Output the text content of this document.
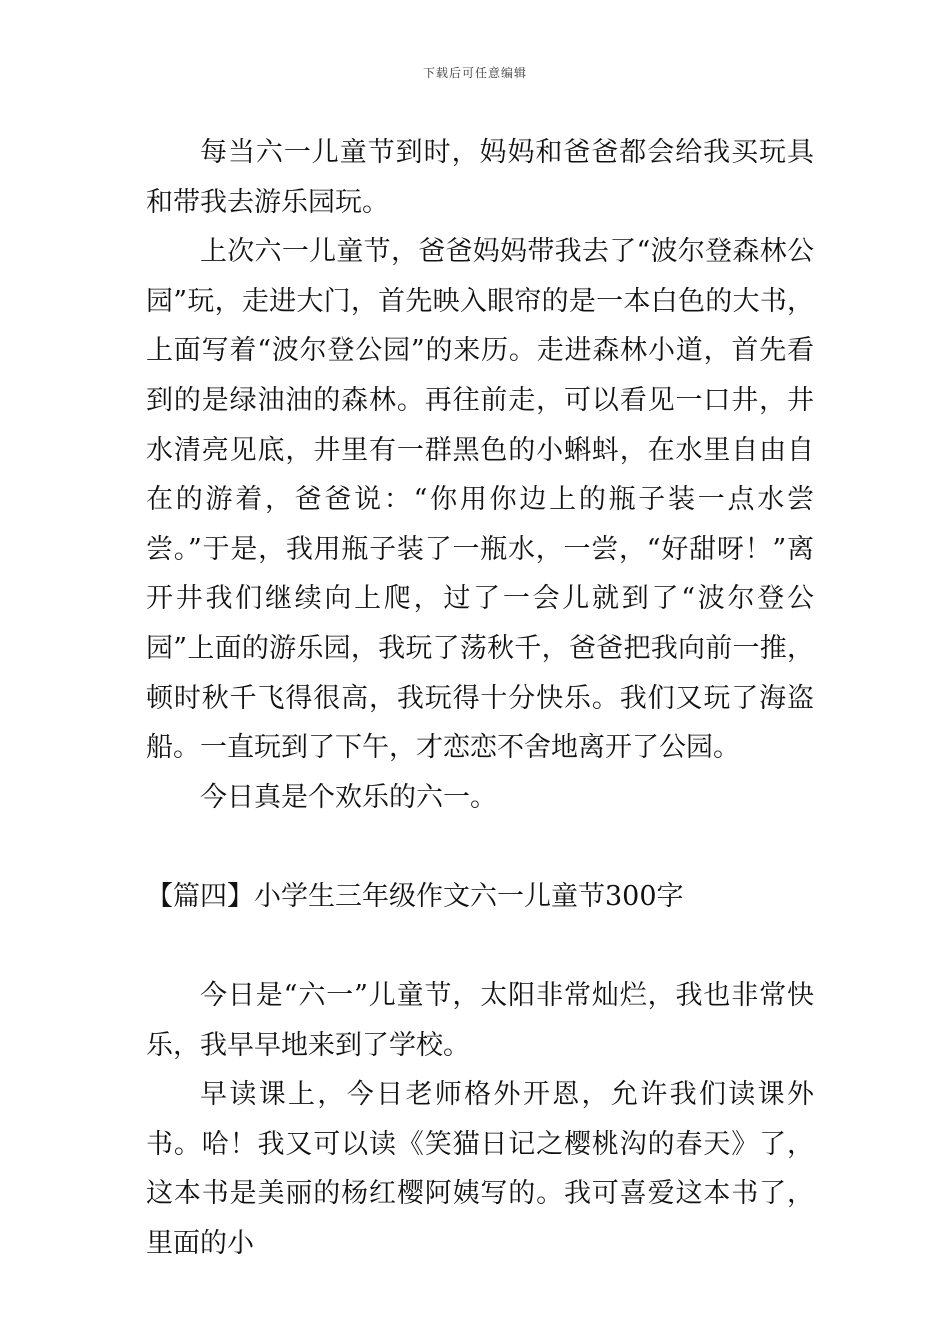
下载后可任意编辑

每当六一儿童节到时，妈妈和爸爸都会给我买玩具和带我去游乐园玩。

上次六一儿童节，爸爸妈妈带我去了“波尔登森林公园”玩，走进大门，首先映入眼帘的是一本白色的大书，上面写着“波尔登公园”的来历。走进森林小道，首先看到的是绿油油的森林。再往前走，可以看见一口井，井水清亮见底，井里有一群黑色的小蝌蚪，在水里自由自在的游着，爸爸说：“你用你边上的瓶子装一点水尝尝。”于是，我用瓶子装了一瓶水，一尝，“好甜呀！”离开井我们继续向上爬，过了一会儿就到了“波尔登公园”上面的游乐园，我玩了荡秋千，爸爸把我向前一推，顿时秋千飞得很高，我玩得十分快乐。我们又玩了海盗船。一直玩到了下午，才恋恋不舍地离开了公园。

今日真是个欢乐的六一。

【篇四】小学生三年级作文六一儿童节300字

今日是“六一”儿童节，太阳非常灿烂，我也非常快乐，我早早地来到了学校。

早读课上，今日老师格外开恩，允许我们读课外书。哈！我又可以读《笑猫日记之樱桃沟的春天》了，这本书是美丽的杨红樱阿姨写的。我可喜爱这本书了，里面的小
